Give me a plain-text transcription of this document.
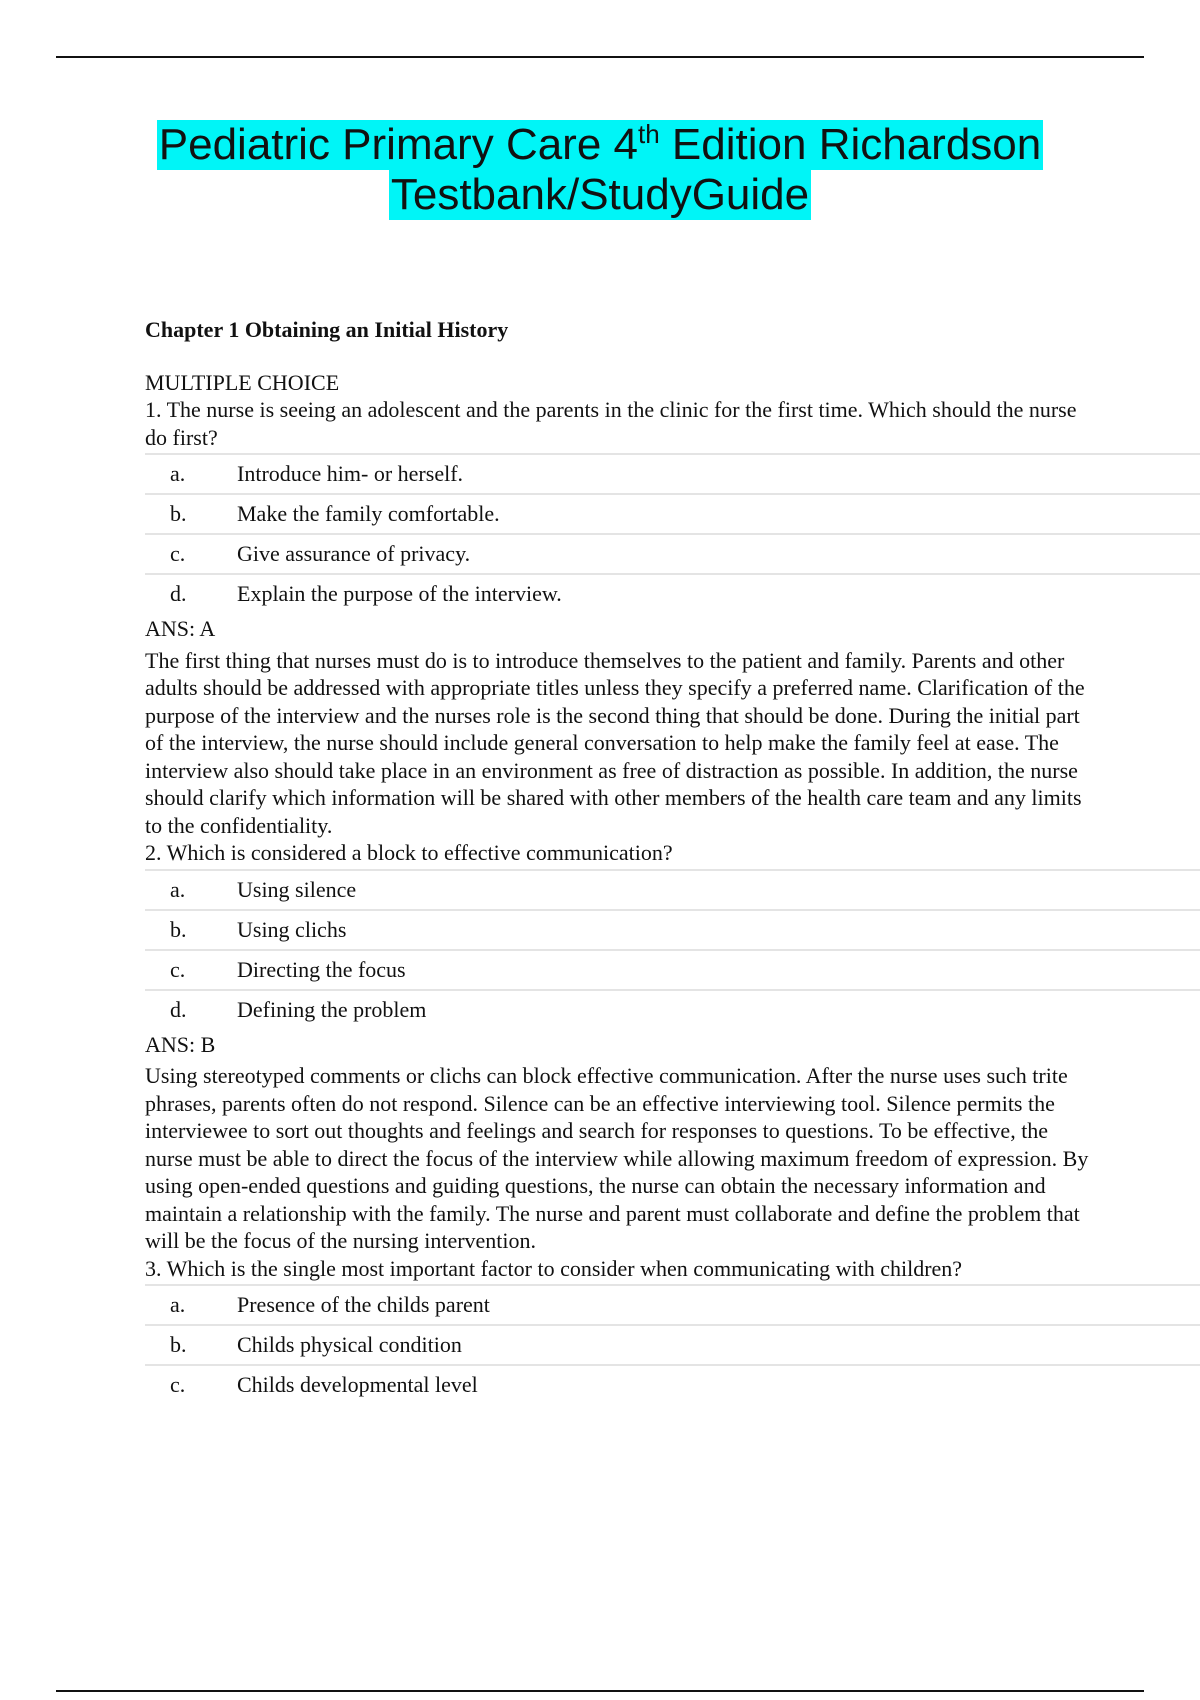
Pediatric Primary Care 4th Edition Richardson
Testbank/StudyGuide

Chapter 1 Obtaining an Initial History

MULTIPLE CHOICE

1. The nurse is seeing an adolescent and the parents in the clinic for the first time. Which should the nurse do first?

a.	Introduce him- or herself.
b.	Make the family comfortable.
c.	Give assurance of privacy.
d.	Explain the purpose of the interview.

ANS: A

The first thing that nurses must do is to introduce themselves to the patient and family. Parents and other adults should be addressed with appropriate titles unless they specify a preferred name. Clarification of the purpose of the interview and the nurses role is the second thing that should be done. During the initial part of the interview, the nurse should include general conversation to help make the family feel at ease. The interview also should take place in an environment as free of distraction as possible. In addition, the nurse should clarify which information will be shared with other members of the health care team and any limits to the confidentiality.

2. Which is considered a block to effective communication?

a.	Using silence
b.	Using clichs
c.	Directing the focus
d.	Defining the problem

ANS: B

Using stereotyped comments or clichs can block effective communication. After the nurse uses such trite phrases, parents often do not respond. Silence can be an effective interviewing tool. Silence permits the interviewee to sort out thoughts and feelings and search for responses to questions. To be effective, the nurse must be able to direct the focus of the interview while allowing maximum freedom of expression. By using open-ended questions and guiding questions, the nurse can obtain the necessary information and maintain a relationship with the family. The nurse and parent must collaborate and define the problem that will be the focus of the nursing intervention.

3. Which is the single most important factor to consider when communicating with children?

a.	Presence of the childs parent
b.	Childs physical condition
c.	Childs developmental level
